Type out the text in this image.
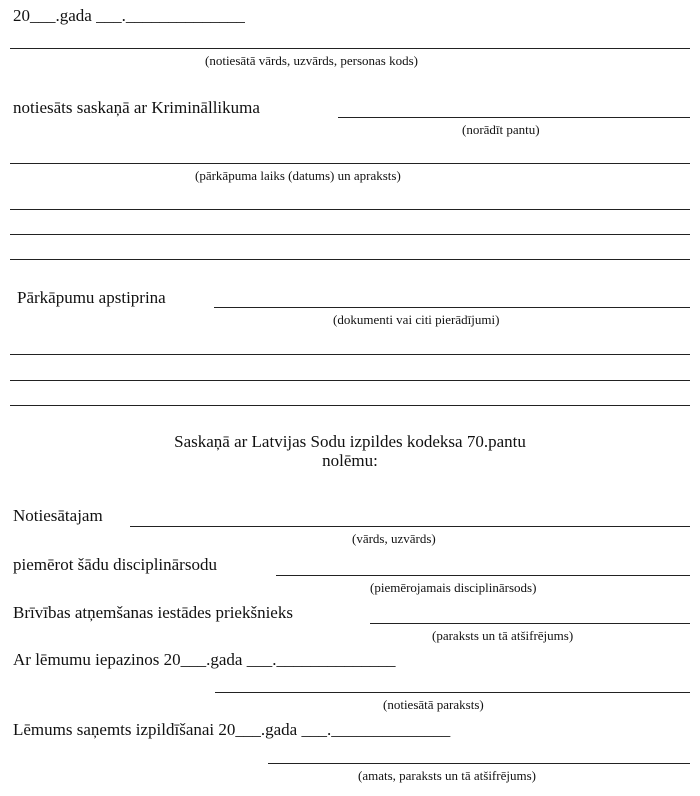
20___.gada ___.______________
(notiesātā vārds, uzvārds, personas kods)
notiesāts saskaņā ar Krimināllikuma
(norādīt pantu)
(pārkāpuma laiks (datums) un apraksts)
Pārkāpumu apstiprina
(dokumenti vai citi pierādījumi)
Saskaņā ar Latvijas Sodu izpildes kodeksa 70.pantu
nolēmu:
Notiesātajam
(vārds, uzvārds)
piemērot šādu disciplinārsodu
(piemērojamais disciplinārsods)
Brīvības atņemšanas iestādes priekšnieks
(paraksts un tā atšifrējums)
Ar lēmumu iepazinos 20___.gada ___.______________
(notiesātā paraksts)
Lēmums saņemts izpildīšanai 20___.gada ___.______________
(amats, paraksts un tā atšifrējums)
